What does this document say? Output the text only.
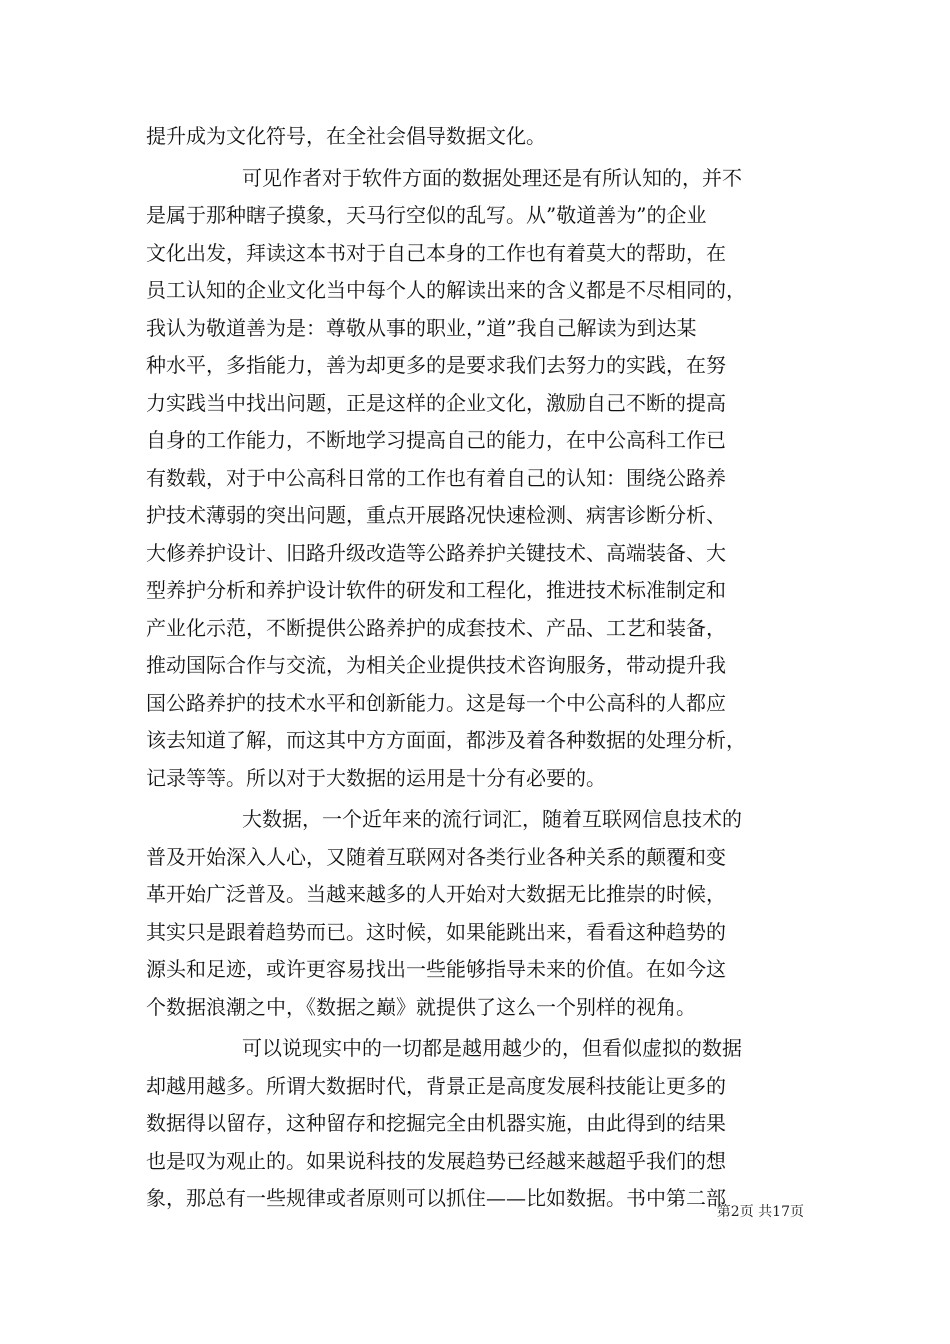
提升成为文化符号，在全社会倡导数据文化。
可见作者对于软件方面的数据处理还是有所认知的，并不
是属于那种瞎子摸象，天马行空似的乱写。从”敬道善为”的企业
文化出发，拜读这本书对于自己本身的工作也有着莫大的帮助，在
员工认知的企业文化当中每个人的解读出来的含义都是不尽相同的，
我认为敬道善为是：尊敬从事的职业，”道”我自己解读为到达某
种水平，多指能力，善为却更多的是要求我们去努力的实践，在努
力实践当中找出问题，正是这样的企业文化，激励自己不断的提高
自身的工作能力，不断地学习提高自己的能力，在中公高科工作已
有数载，对于中公高科日常的工作也有着自己的认知：围绕公路养
护技术薄弱的突出问题，重点开展路况快速检测、病害诊断分析、
大修养护设计、旧路升级改造等公路养护关键技术、高端装备、大
型养护分析和养护设计软件的研发和工程化，推进技术标准制定和
产业化示范，不断提供公路养护的成套技术、产品、工艺和装备，
推动国际合作与交流，为相关企业提供技术咨询服务，带动提升我
国公路养护的技术水平和创新能力。这是每一个中公高科的人都应
该去知道了解，而这其中方方面面，都涉及着各种数据的处理分析，
记录等等。所以对于大数据的运用是十分有必要的。
大数据，一个近年来的流行词汇，随着互联网信息技术的
普及开始深入人心，又随着互联网对各类行业各种关系的颠覆和变
革开始广泛普及。当越来越多的人开始对大数据无比推崇的时候，
其实只是跟着趋势而已。这时候，如果能跳出来，看看这种趋势的
源头和足迹，或许更容易找出一些能够指导未来的价值。在如今这
个数据浪潮之中，《数据之巅》就提供了这么一个别样的视角。
可以说现实中的一切都是越用越少的，但看似虚拟的数据
却越用越多。所谓大数据时代，背景正是高度发展科技能让更多的
数据得以留存，这种留存和挖掘完全由机器实施，由此得到的结果
也是叹为观止的。如果说科技的发展趋势已经越来越超乎我们的想
象，那总有一些规律或者原则可以抓住——比如数据。书中第二部
第2页 共17页
